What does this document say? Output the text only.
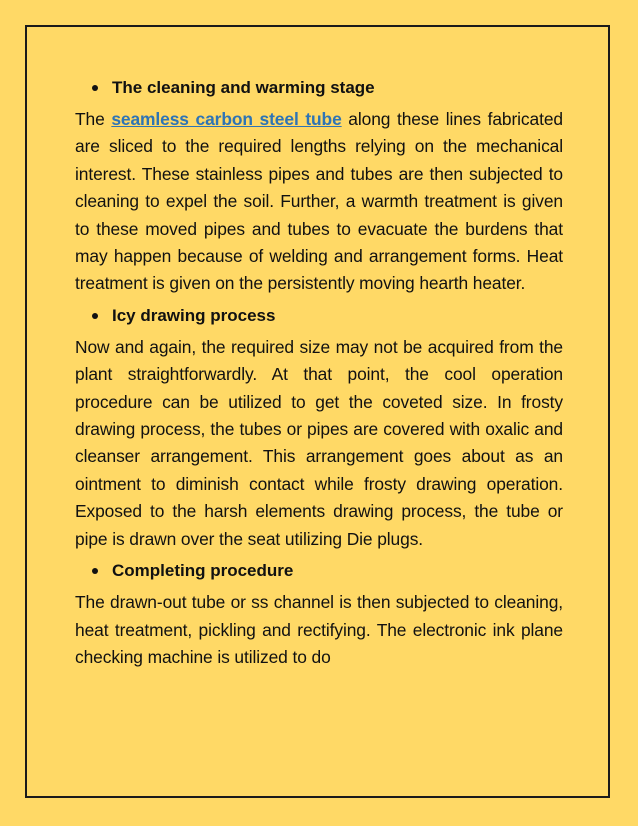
The cleaning and warming stage

The seamless carbon steel tube along these lines fabricated are sliced to the required lengths relying on the mechanical interest. These stainless pipes and tubes are then subjected to cleaning to expel the soil. Further, a warmth treatment is given to these moved pipes and tubes to evacuate the burdens that may happen because of welding and arrangement forms. Heat treatment is given on the persistently moving hearth heater.

Icy drawing process

Now and again, the required size may not be acquired from the plant straightforwardly. At that point, the cool operation procedure can be utilized to get the coveted size. In frosty drawing process, the tubes or pipes are covered with oxalic and cleanser arrangement. This arrangement goes about as an ointment to diminish contact while frosty drawing operation. Exposed to the harsh elements drawing process, the tube or pipe is drawn over the seat utilizing Die plugs.

Completing procedure

The drawn-out tube or ss channel is then subjected to cleaning, heat treatment, pickling and rectifying. The electronic ink plane checking machine is utilized to do
